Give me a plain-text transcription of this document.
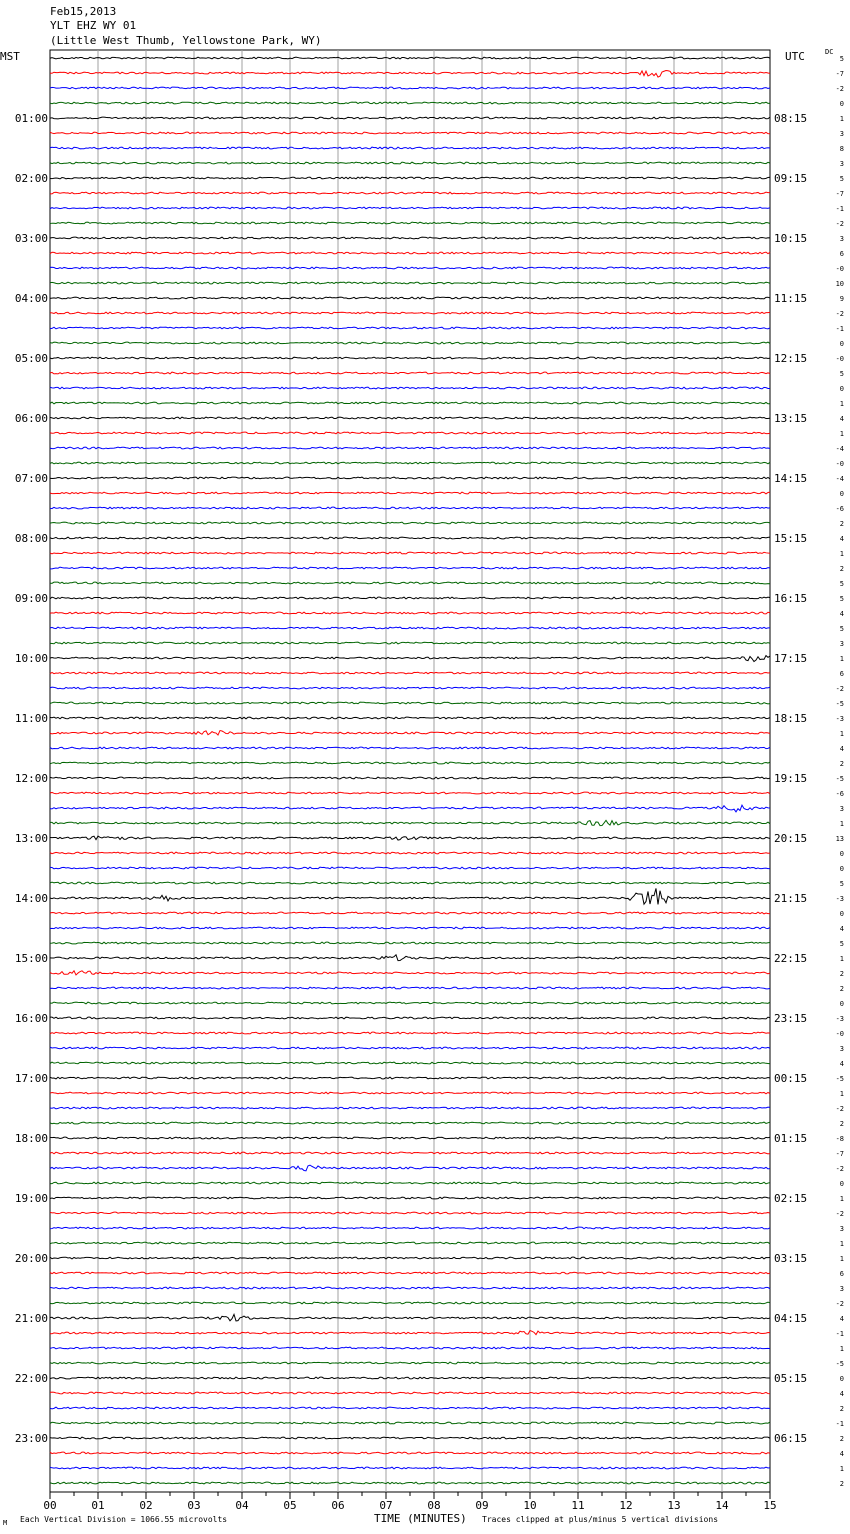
Feb15,2013
YLT EHZ WY 01
(Little West Thumb, Yellowstone Park, WY)
MST	UTC	DC
00	01	02	03	04	05	06	07	08	09	10	11	12	13	14	15
5
-7
-2
0
1
3
8
3
5
-7
-1
-2
3
6
-0
10
9
-2
-1
0
-0
5
0
1
4
1
-4
-0
-4
0
-6
2
4
1
2
5
5
4
5
3
1
6
-2
-5
-3
1
4
2
-5
-6
3
1
13
0
0
5
-3
0
4
5
1
2
2
0
-3
-0
3
4
-5
1
-2
2
-8
-7
-2
0
1
-2
3
1
1
6
3
-2
4
-1
1
-5
0
4
2
-1
2
4
1
2
01:00	08:15
02:00	09:15
03:00	10:15
04:00	11:15
05:00	12:15
06:00	13:15
07:00	14:15
08:00	15:15
09:00	16:15
10:00	17:15
11:00	18:15
12:00	19:15
13:00	20:15
14:00	21:15
15:00	22:15
16:00	23:15
17:00	00:15
18:00	01:15
19:00	02:15
20:00	03:15
21:00	04:15
22:00	05:15
23:00	06:15
TIME (MINUTES)
Each Vertical Division = 1066.55 microvolts	Traces clipped at plus/minus 5 vertical divisions
M
